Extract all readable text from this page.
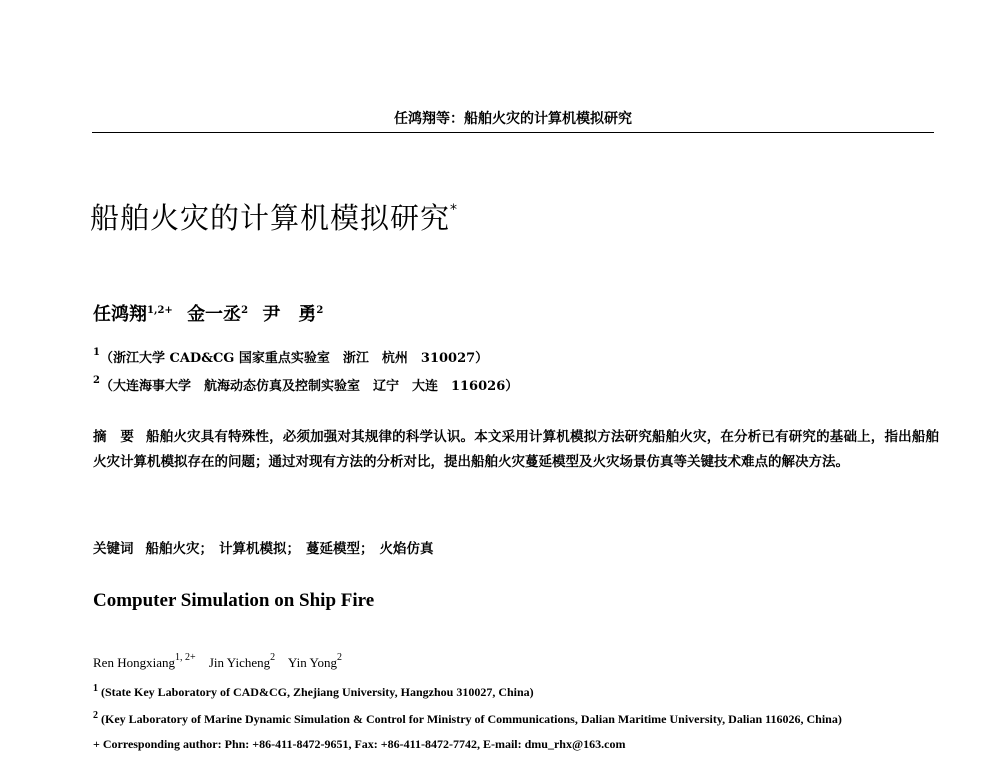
任鸿翔等：船舶火灾的计算机模拟研究
船舶火灾的计算机模拟研究*
任鸿翔$^{1,2+}$ 金一丞$^2$ 尹　勇$^2$
$^1$（浙江大学 CAD&CG 国家重点实验室　浙江　杭州　310027）
$^2$（大连海事大学　航海动态仿真及控制实验室　辽宁　大连　116026）
摘　要 船舶火灾具有特殊性，必须加强对其规律的科学认识。本文采用计算机模拟方法研究船舶火灾，在分析已有研究的基础上，指出船舶火灾计算机模拟存在的问题；通过对现有方法的分析对比，提出船舶火灾蔓延模型及火灾场景仿真等关键技术难点的解决方法。
关键词 船舶火灾； 计算机模拟； 蔓延模型； 火焰仿真
Computer Simulation on Ship Fire
Ren Hongxiang$^{1, 2+}$ Jin Yicheng$^2$ Yin Yong$^2$
$^1$ (State Key Laboratory of CAD&CG, Zhejiang University, Hangzhou 310027, China)
$^2$ (Key Laboratory of Marine Dynamic Simulation & Control for Ministry of Communications, Dalian Maritime University, Dalian 116026, China)
+ Corresponding author: Phn: +86-411-8472-9651, Fax: +86-411-8472-7742, E-mail: dmu_rhx@163.com
